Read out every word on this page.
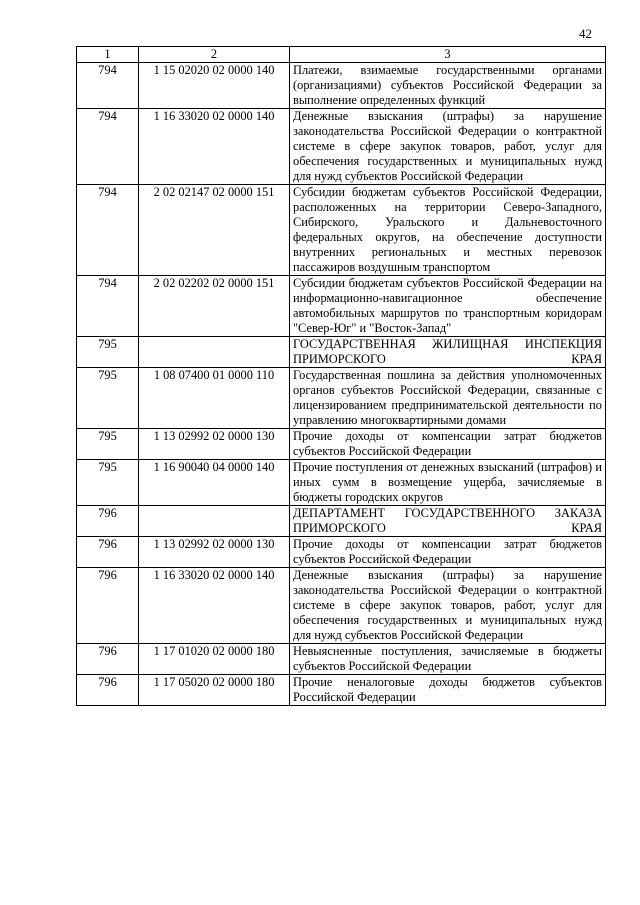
42
1	2	3
794	1 15 02020 02 0000 140	Платежи, взимаемые государственными органами (организациями) субъектов Российской Федерации за выполнение определенных функций
794	1 16 33020 02 0000 140	Денежные взыскания (штрафы) за нарушение законодательства Российской Федерации о контрактной системе в сфере закупок товаров, работ, услуг для обеспечения государственных и муниципальных нужд для нужд субъектов Российской Федерации
794	2 02 02147 02 0000 151	Субсидии бюджетам субъектов Российской Федерации, расположенных на территории Северо-Западного, Сибирского, Уральского и Дальневосточного федеральных округов, на обеспечение доступности внутренних региональных и местных перевозок пассажиров воздушным транспортом
794	2 02 02202 02 0000 151	Субсидии бюджетам субъектов Российской Федерации на информационно-навигационное обеспечение автомобильных маршрутов по транспортным коридорам "Север-Юг" и "Восток-Запад"
795		ГОСУДАРСТВЕННАЯ ЖИЛИЩНАЯ ИНСПЕКЦИЯ ПРИМОРСКОГО КРАЯ
795	1 08 07400 01 0000 110	Государственная пошлина за действия уполномоченных органов субъектов Российской Федерации, связанные с лицензированием предпринимательской деятельности по управлению многоквартирными домами
795	1 13 02992 02 0000 130	Прочие доходы от компенсации затрат бюджетов субъектов Российской Федерации
795	1 16 90040 04 0000 140	Прочие поступления от денежных взысканий (штрафов) и иных сумм в возмещение ущерба, зачисляемые в бюджеты городских округов
796		ДЕПАРТАМЕНТ ГОСУДАРСТВЕННОГО ЗАКАЗА ПРИМОРСКОГО КРАЯ
796	1 13 02992 02 0000 130	Прочие доходы от компенсации затрат бюджетов субъектов Российской Федерации
796	1 16 33020 02 0000 140	Денежные взыскания (штрафы) за нарушение законодательства Российской Федерации о контрактной системе в сфере закупок товаров, работ, услуг для обеспечения государственных и муниципальных нужд для нужд субъектов Российской Федерации
796	1 17 01020 02 0000 180	Невыясненные поступления, зачисляемые в бюджеты субъектов Российской Федерации
796	1 17 05020 02 0000 180	Прочие неналоговые доходы бюджетов субъектов Российской Федерации
